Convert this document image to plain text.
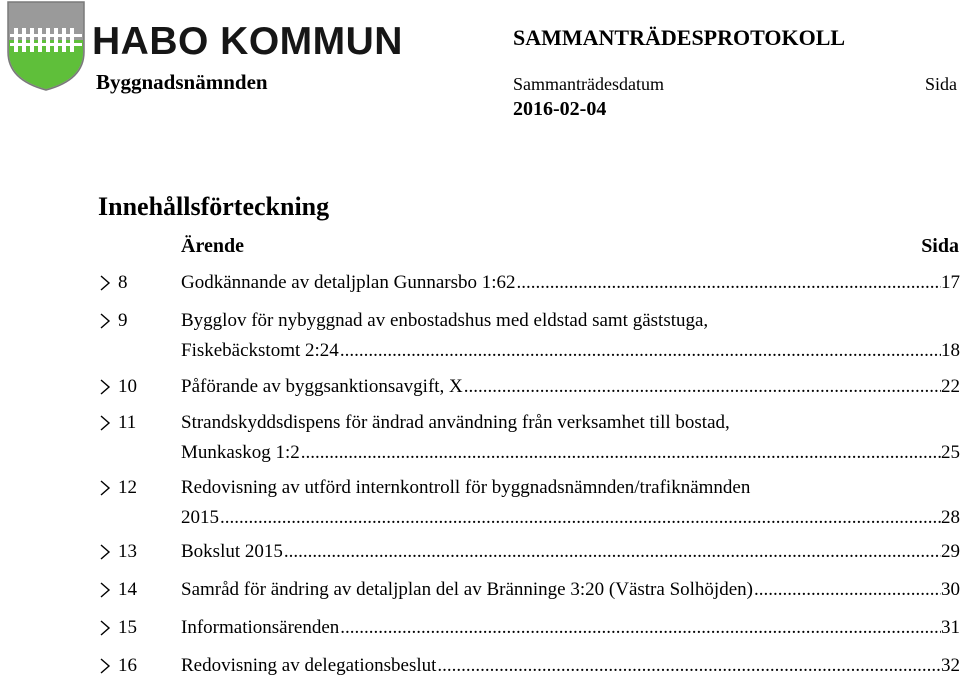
HABO KOMMUN
Byggnadsnämnden
SAMMANTRÄDESPROTOKOLL
Sammanträdesdatum
2016-02-04
Sida
Innehållsförteckning
Ärende	Sida
8	Godkännande av detaljplan Gunnarsbo 1:62 .....	17
9	Bygglov för nybyggnad av enbostadshus med eldstad samt gäststuga,
Fiskebäckstomt 2:24 .....	18
10 Påförande av byggsanktionsavgift, X .....	22
11 Strandskyddsdispens för ändrad användning från verksamhet till bostad,
Munkaskog 1:2 .....	25
12 Redovisning av utförd internkontroll för byggnadsnämnden/trafiknämnden
2015 .....	28
13 Bokslut 2015 .....	29
14 Samråd för ändring av detaljplan del av Bränninge 3:20 (Västra Solhöjden) .....	30
15 Informationsärenden .....	31
16 Redovisning av delegationsbeslut .....	32
